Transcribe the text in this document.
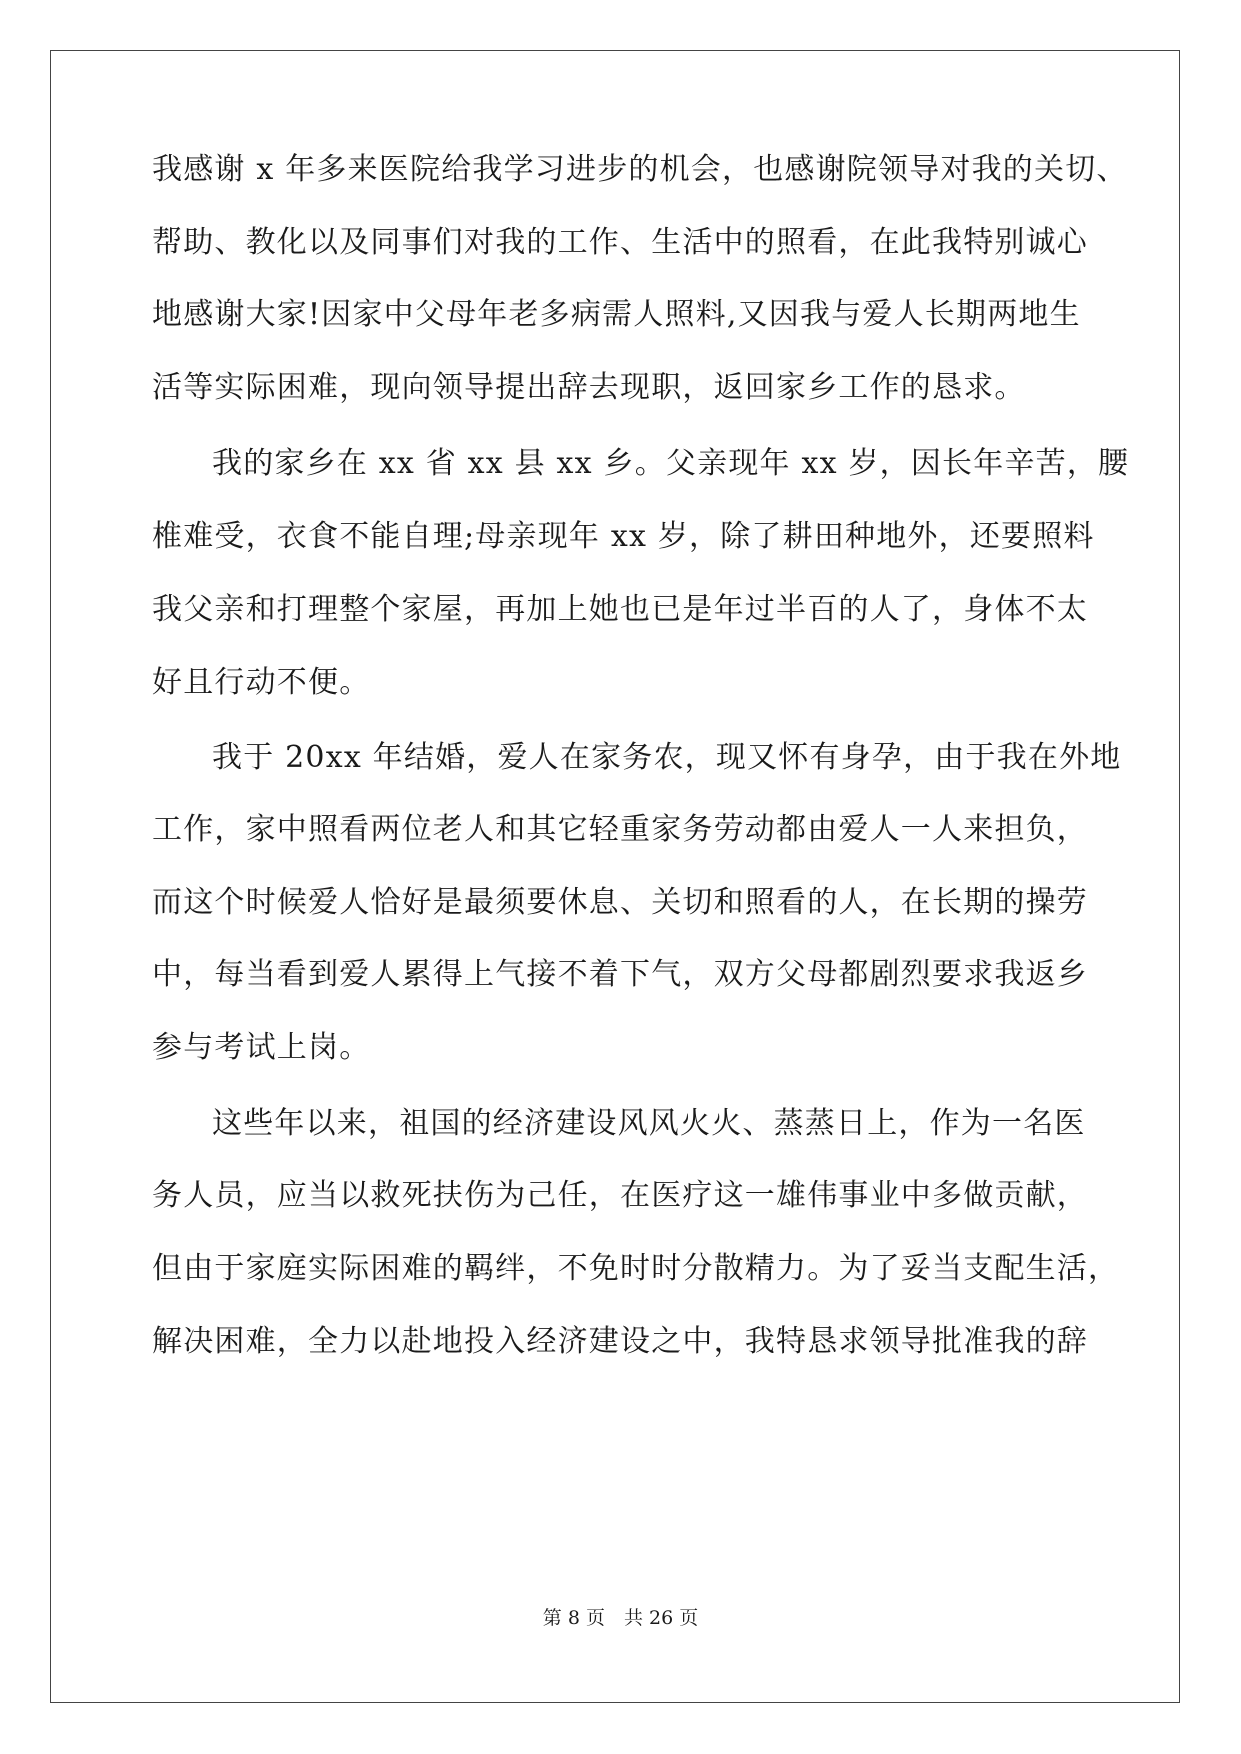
我感谢 x 年多来医院给我学习进步的机会，也感谢院领导对我的关切、
帮助、教化以及同事们对我的工作、生活中的照看，在此我特别诚心
地感谢大家!因家中父母年老多病需人照料,又因我与爱人长期两地生
活等实际困难，现向领导提出辞去现职，返回家乡工作的恳求。
我的家乡在 xx 省 xx 县 xx 乡。父亲现年 xx 岁，因长年辛苦，腰
椎难受，衣食不能自理;母亲现年 xx 岁，除了耕田种地外，还要照料
我父亲和打理整个家屋，再加上她也已是年过半百的人了，身体不太
好且行动不便。
我于 20xx 年结婚，爱人在家务农，现又怀有身孕，由于我在外地
工作，家中照看两位老人和其它轻重家务劳动都由爱人一人来担负，
而这个时候爱人恰好是最须要休息、关切和照看的人，在长期的操劳
中，每当看到爱人累得上气接不着下气，双方父母都剧烈要求我返乡
参与考试上岗。
这些年以来，祖国的经济建设风风火火、蒸蒸日上，作为一名医
务人员，应当以救死扶伤为己任，在医疗这一雄伟事业中多做贡献，
但由于家庭实际困难的羁绊，不免时时分散精力。为了妥当支配生活，
解决困难，全力以赴地投入经济建设之中，我特恳求领导批准我的辞
第 8 页　共 26 页
